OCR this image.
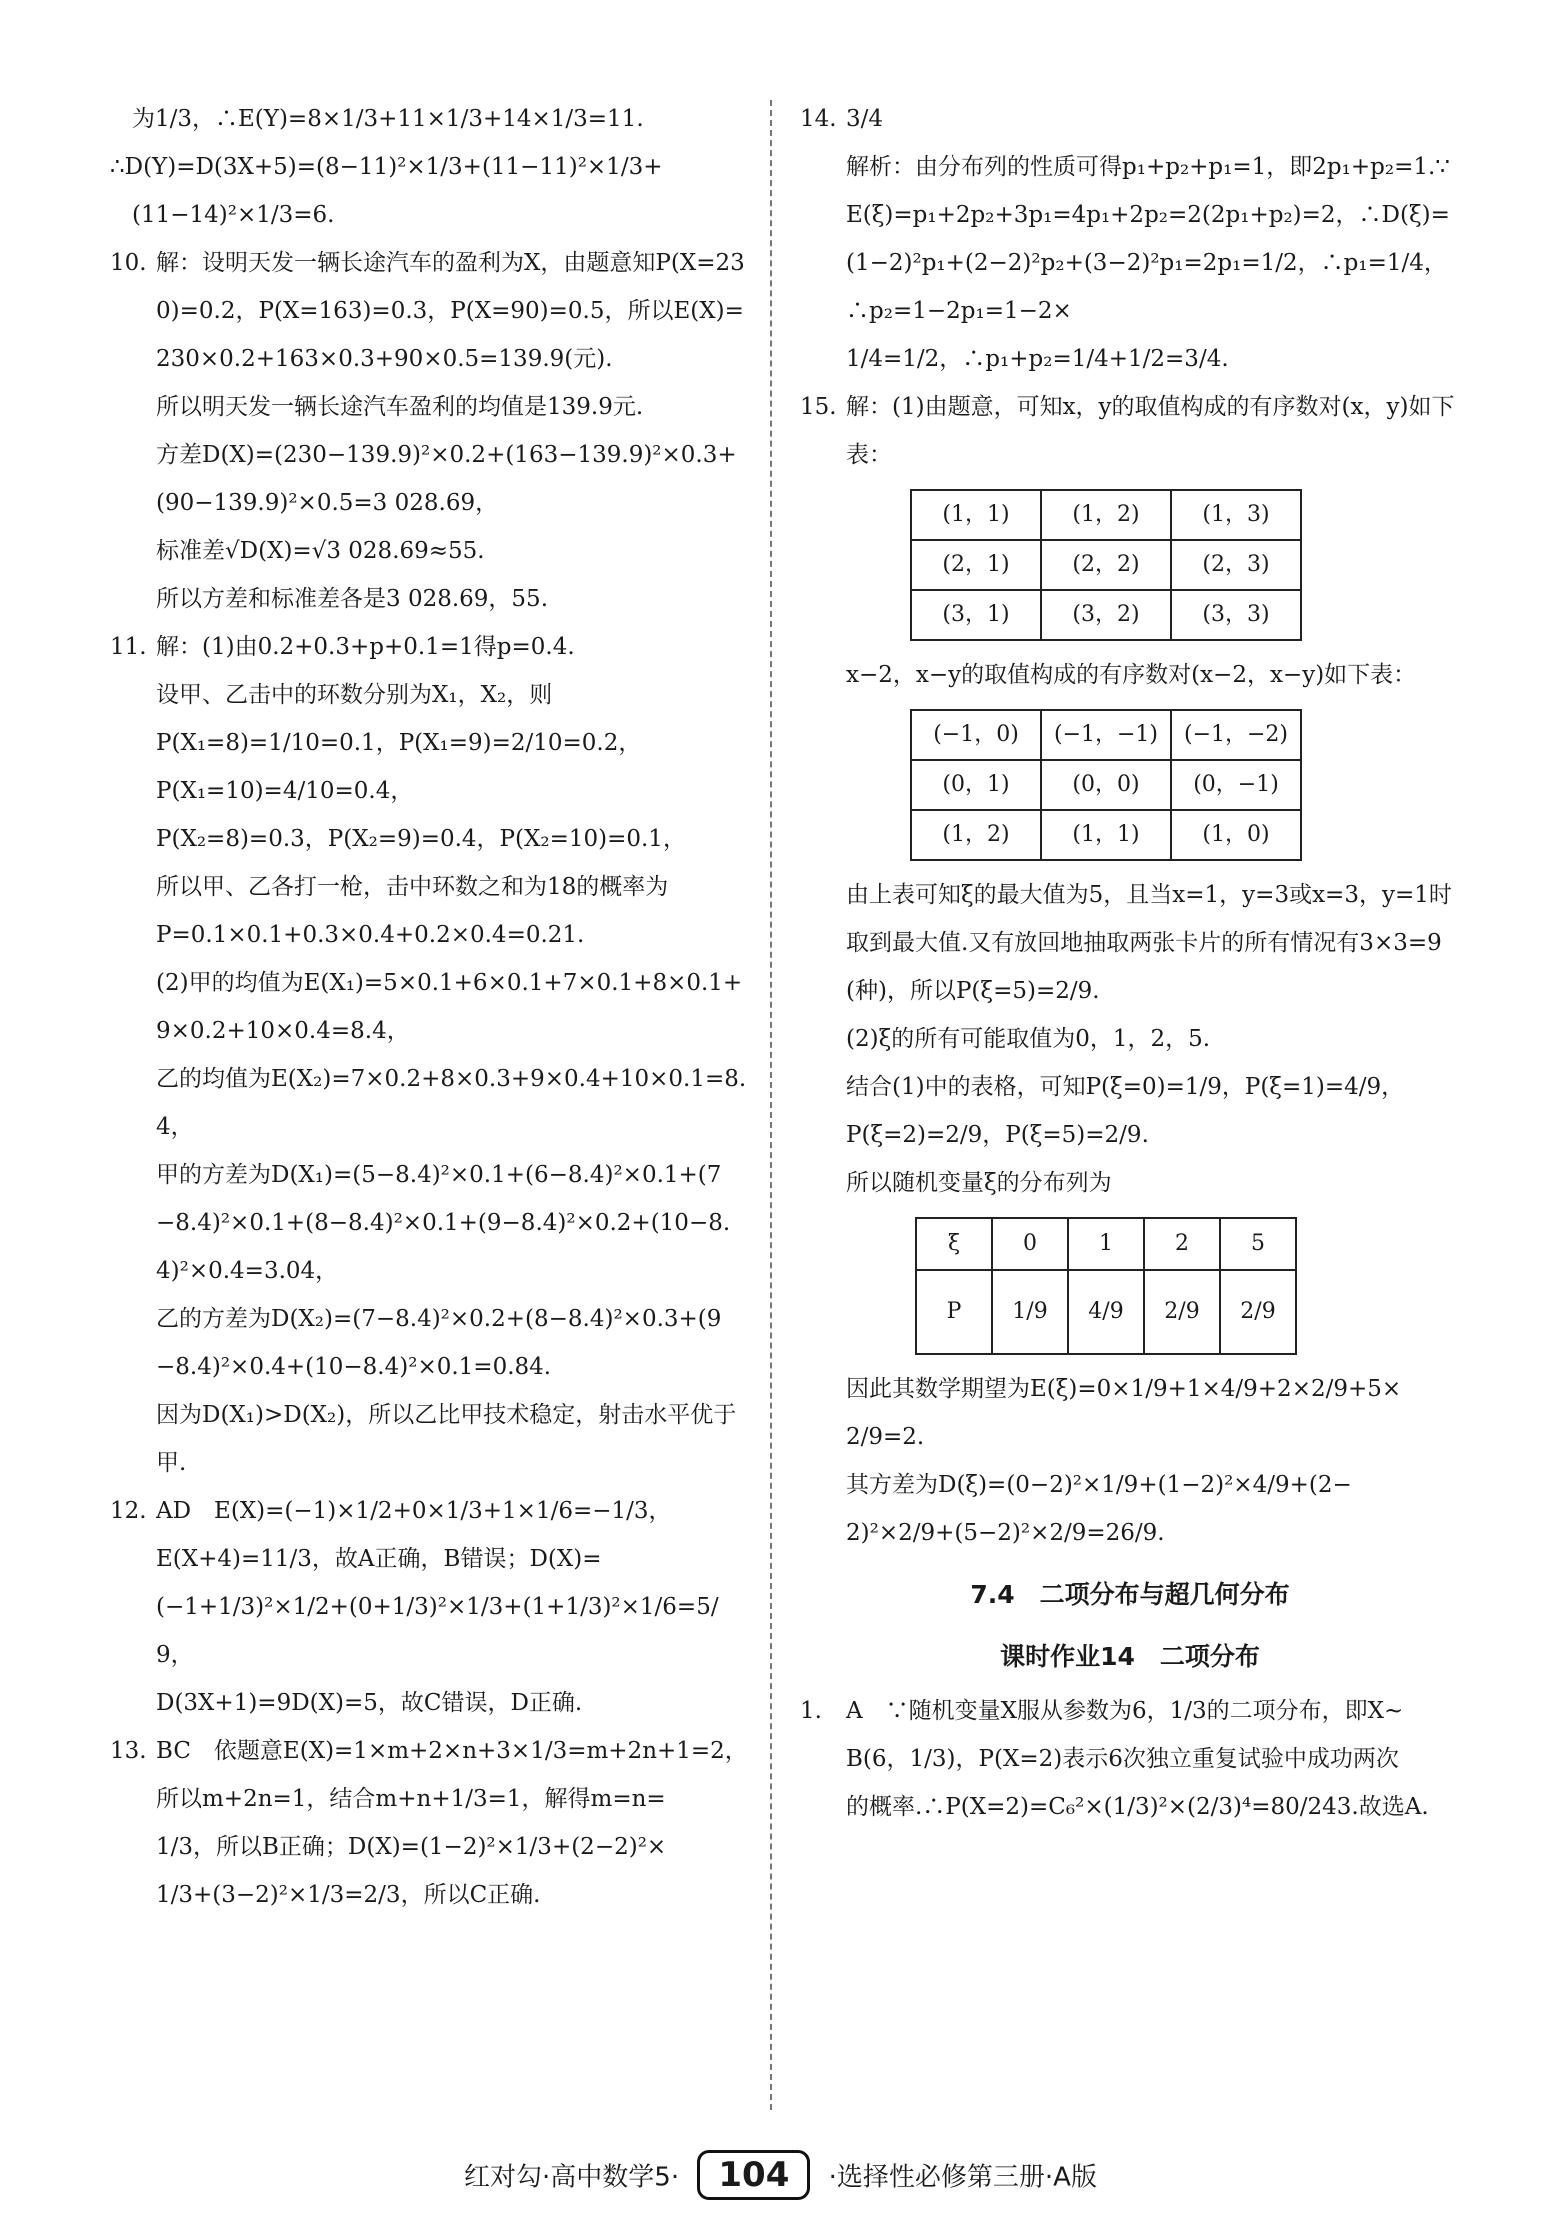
为1/3，∴E(Y)=8×1/3+11×1/3+14×1/3=11.

∴D(Y)=D(3X+5)=(8−11)²×1/3+(11−11)²×1/3+

(11−14)²×1/3=6.

10. 解：设明天发一辆长途汽车的盈利为X，由题意知P(X=230)=0.2，P(X=163)=0.3，P(X=90)=0.5，所以E(X)=230×0.2+163×0.3+90×0.5=139.9(元).

所以明天发一辆长途汽车盈利的均值是139.9元.

方差D(X)=(230−139.9)²×0.2+(163−139.9)²×0.3+(90−139.9)²×0.5=3 028.69，

标准差√D(X)=√3 028.69≈55.

所以方差和标准差各是3 028.69，55.

11. 解：(1)由0.2+0.3+p+0.1=1得p=0.4.

设甲、乙击中的环数分别为X₁，X₂，则

P(X₁=8)=1/10=0.1，P(X₁=9)=2/10=0.2，

P(X₁=10)=4/10=0.4，

P(X₂=8)=0.3，P(X₂=9)=0.4，P(X₂=10)=0.1，

所以甲、乙各打一枪，击中环数之和为18的概率为

P=0.1×0.1+0.3×0.4+0.2×0.4=0.21.

(2)甲的均值为E(X₁)=5×0.1+6×0.1+7×0.1+8×0.1+9×0.2+10×0.4=8.4，

乙的均值为E(X₂)=7×0.2+8×0.3+9×0.4+10×0.1=8.4，

甲的方差为D(X₁)=(5−8.4)²×0.1+(6−8.4)²×0.1+(7−8.4)²×0.1+(8−8.4)²×0.1+(9−8.4)²×0.2+(10−8.4)²×0.4=3.04，

乙的方差为D(X₂)=(7−8.4)²×0.2+(8−8.4)²×0.3+(9−8.4)²×0.4+(10−8.4)²×0.1=0.84.

因为D(X₁)>D(X₂)，所以乙比甲技术稳定，射击水平优于甲.

12. AD　E(X)=(−1)×1/2+0×1/3+1×1/6=−1/3，

E(X+4)=11/3，故A正确，B错误；D(X)=

(−1+1/3)²×1/2+(0+1/3)²×1/3+(1+1/3)²×1/6=5/9，

D(3X+1)=9D(X)=5，故C错误，D正确.

13. BC　依题意E(X)=1×m+2×n+3×1/3=m+2n+1=2，所以m+2n=1，结合m+n+1/3=1，解得m=n=

1/3，所以B正确；D(X)=(1−2)²×1/3+(2−2)²×

1/3+(3−2)²×1/3=2/3，所以C正确.

14. 3/4

解析：由分布列的性质可得p₁+p₂+p₁=1，即2p₁+p₂=1.∵E(ξ)=p₁+2p₂+3p₁=4p₁+2p₂=2(2p₁+p₂)=2，∴D(ξ)=(1−2)²p₁+(2−2)²p₂+(3−2)²p₁=2p₁=1/2，∴p₁=1/4，∴p₂=1−2p₁=1−2×

1/4=1/2，∴p₁+p₂=1/4+1/2=3/4.

15. 解：(1)由题意，可知x，y的取值构成的有序数对(x，y)如下表：

(1，1)	(1，2)	(1，3)
(2，1)	(2，2)	(2，3)
(3，1)	(3，2)	(3，3)

x−2，x−y的取值构成的有序数对(x−2，x−y)如下表：

(−1，0)	(−1，−1)	(−1，−2)
(0，1)	(0，0)	(0，−1)
(1，2)	(1，1)	(1，0)

由上表可知ξ的最大值为5，且当x=1，y=3或x=3，y=1时取到最大值.又有放回地抽取两张卡片的所有情况有3×3=9(种)，所以P(ξ=5)=2/9.

(2)ξ的所有可能取值为0，1，2，5.

结合(1)中的表格，可知P(ξ=0)=1/9，P(ξ=1)=4/9，

P(ξ=2)=2/9，P(ξ=5)=2/9.

所以随机变量ξ的分布列为

ξ	0	1	2	5
P	1/9	4/9	2/9	2/9

因此其数学期望为E(ξ)=0×1/9+1×4/9+2×2/9+5×

2/9=2.

其方差为D(ξ)=(0−2)²×1/9+(1−2)²×4/9+(2−

2)²×2/9+(5−2)²×2/9=26/9.

7.4　二项分布与超几何分布
课时作业14　二项分布

1. A　∵随机变量X服从参数为6，1/3的二项分布，即X~

B(6，1/3)，P(X=2)表示6次独立重复试验中成功两次

的概率.∴P(X=2)=C₆²×(1/3)²×(2/3)⁴=80/243.故选A.

红对勾·高中数学5· 104 ·选择性必修第三册·A版
